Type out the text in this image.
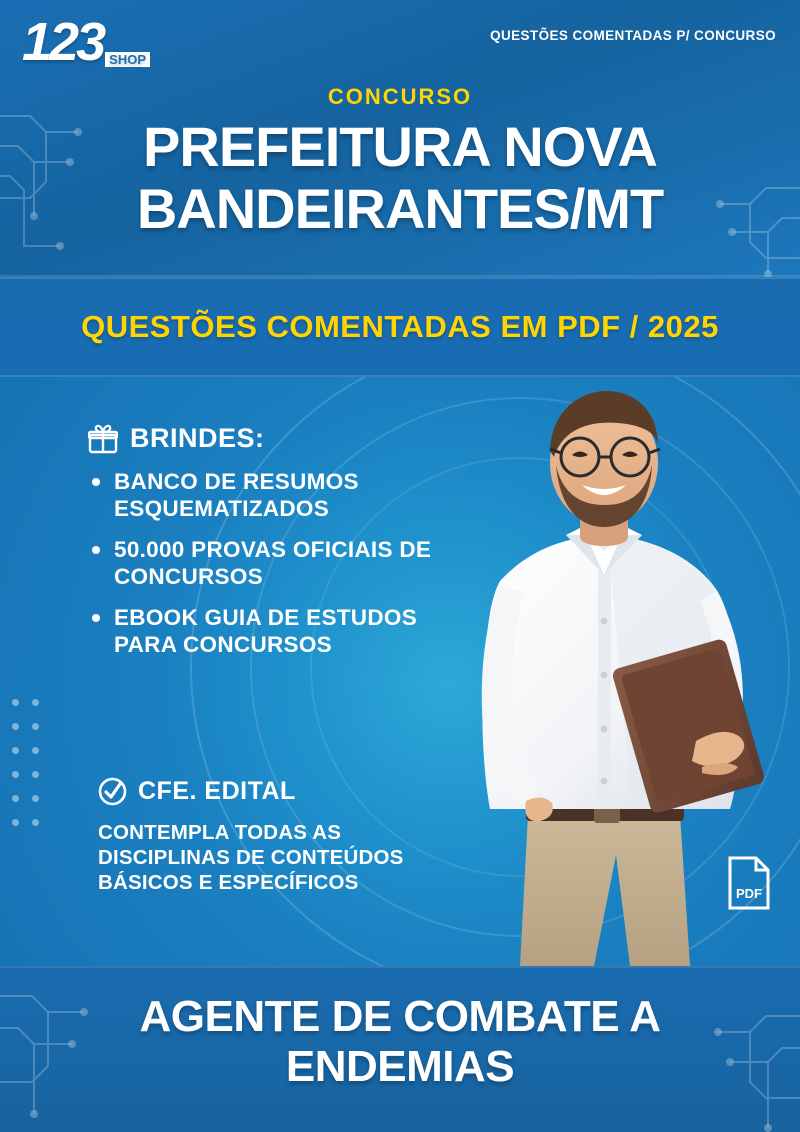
123 SHOP
QUESTÕES COMENTADAS P/ CONCURSO
CONCURSO
PREFEITURA NOVA
BANDEIRANTES/MT
QUESTÕES COMENTADAS EM PDF / 2025
PDF
BRINDES:
BANCO DE RESUMOS ESQUEMATIZADOS
50.000 PROVAS OFICIAIS DE CONCURSOS
EBOOK GUIA DE ESTUDOS PARA CONCURSOS
CFE. EDITAL
CONTEMPLA TODAS AS DISCIPLINAS DE CONTEÚDOS BÁSICOS E ESPECÍFICOS
AGENTE DE COMBATE A
ENDEMIAS
